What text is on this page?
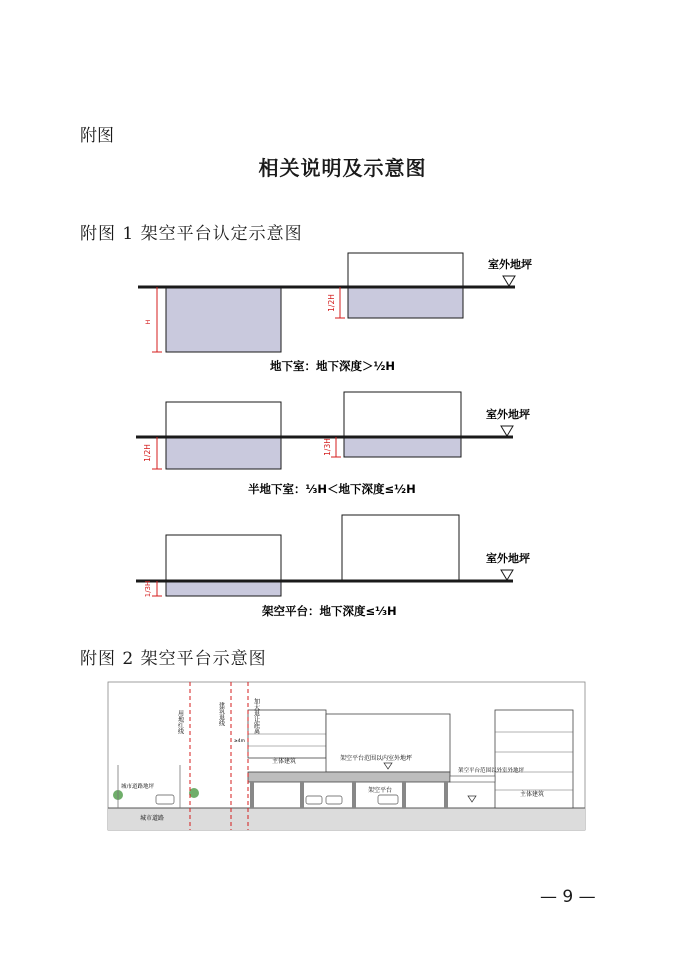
附图
相关说明及示意图
附图 1 架空平台认定示意图
H
1/2H
室外地坪
地下室：地下深度＞½H
1/2H	1/3H
室外地坪
半地下室：⅓H＜地下深度≤½H
1/3H
室外地坪
架空平台：地下深度≤⅓H
附图 2 架空平台示意图
用地红线	建筑退线	加大退让距离
≥4m
主体建筑	架空平台范围以内室外地坪
架空平台
架空平台范围以外室外地坪
主体建筑
城市道路地坪
城市道路
— 9 —
